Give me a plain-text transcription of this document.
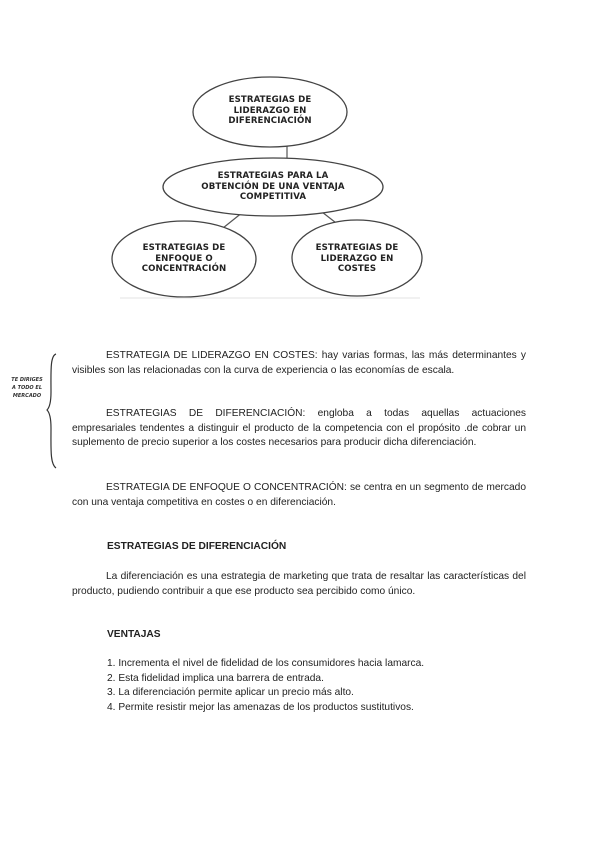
ESTRATEGIAS DE
LIDERAZGO EN
DIFERENCIACIÓN
ESTRATEGIAS PARA LA
OBTENCIÓN DE UNA VENTAJA
COMPETITIVA
ESTRATEGIAS DE
ENFOQUE O
CONCENTRACIÓN
ESTRATEGIAS DE
LIDERAZGO EN
COSTES
TE DIRIGES
A TODO EL
MERCADO
ESTRATEGIA DE LIDERAZGO EN COSTES: hay varias formas, las más determinantes y visibles son las relacionadas con la curva de experiencia o las economías de escala.
ESTRATEGIAS DE DIFERENCIACIÓN: engloba a todas aquellas actuaciones empresariales tendentes a distinguir el producto de la competencia con el propósito .de cobrar un suplemento de precio superior a los costes necesarios para producir dicha diferenciación.
ESTRATEGIA DE ENFOQUE O CONCENTRACIÓN: se centra en un segmento de mercado con una ventaja competitiva en costes o en diferenciación.
ESTRATEGIAS DE DIFERENCIACIÓN
La diferenciación es una estrategia de marketing que trata de resaltar las características del producto, pudiendo contribuir a que ese producto sea percibido como único.
VENTAJAS
1. Incrementa el nivel de fidelidad de los consumidores hacia lamarca.
2. Esta fidelidad implica una barrera de entrada.
3. La diferenciación permite aplicar un precio más alto.
4. Permite resistir mejor las amenazas de los productos sustitutivos.
